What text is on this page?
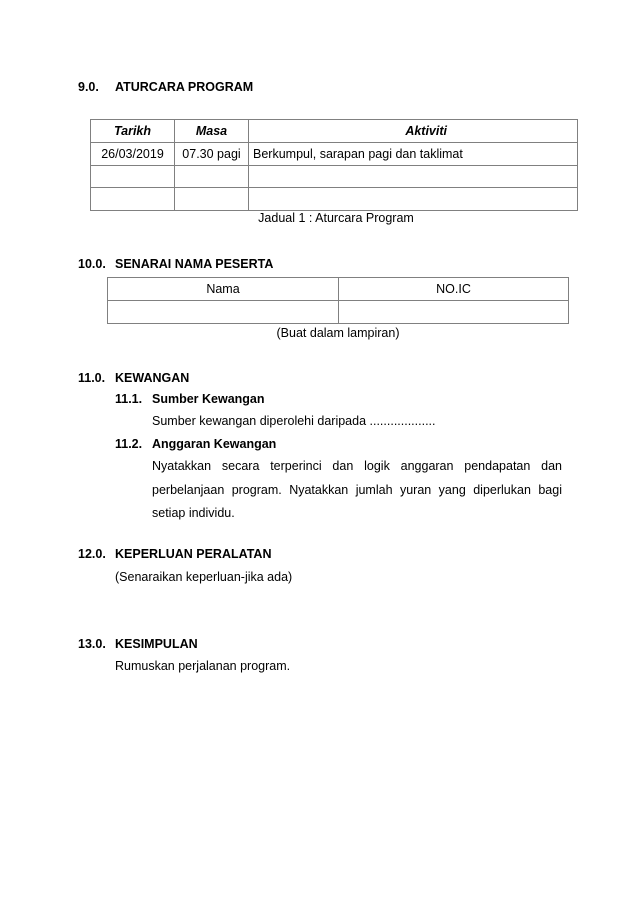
9.0. ATURCARA PROGRAM
Tarikh	Masa	Aktiviti
26/03/2019	07.30 pagi	Berkumpul, sarapan pagi dan taklimat

Jadual 1 : Aturcara Program
10.0. SENARAI NAMA PESERTA
Nama	NO.IC

(Buat dalam lampiran)
11.0. KEWANGAN
11.1. Sumber Kewangan
Sumber kewangan diperolehi daripada ...................
11.2. Anggaran Kewangan
Nyatakkan secara terperinci dan logik anggaran pendapatan dan
perbelanjaan program. Nyatakkan jumlah yuran yang diperlukan bagi
setiap individu.
12.0. KEPERLUAN PERALATAN
(Senaraikan keperluan-jika ada)
13.0. KESIMPULAN
Rumuskan perjalanan program.
